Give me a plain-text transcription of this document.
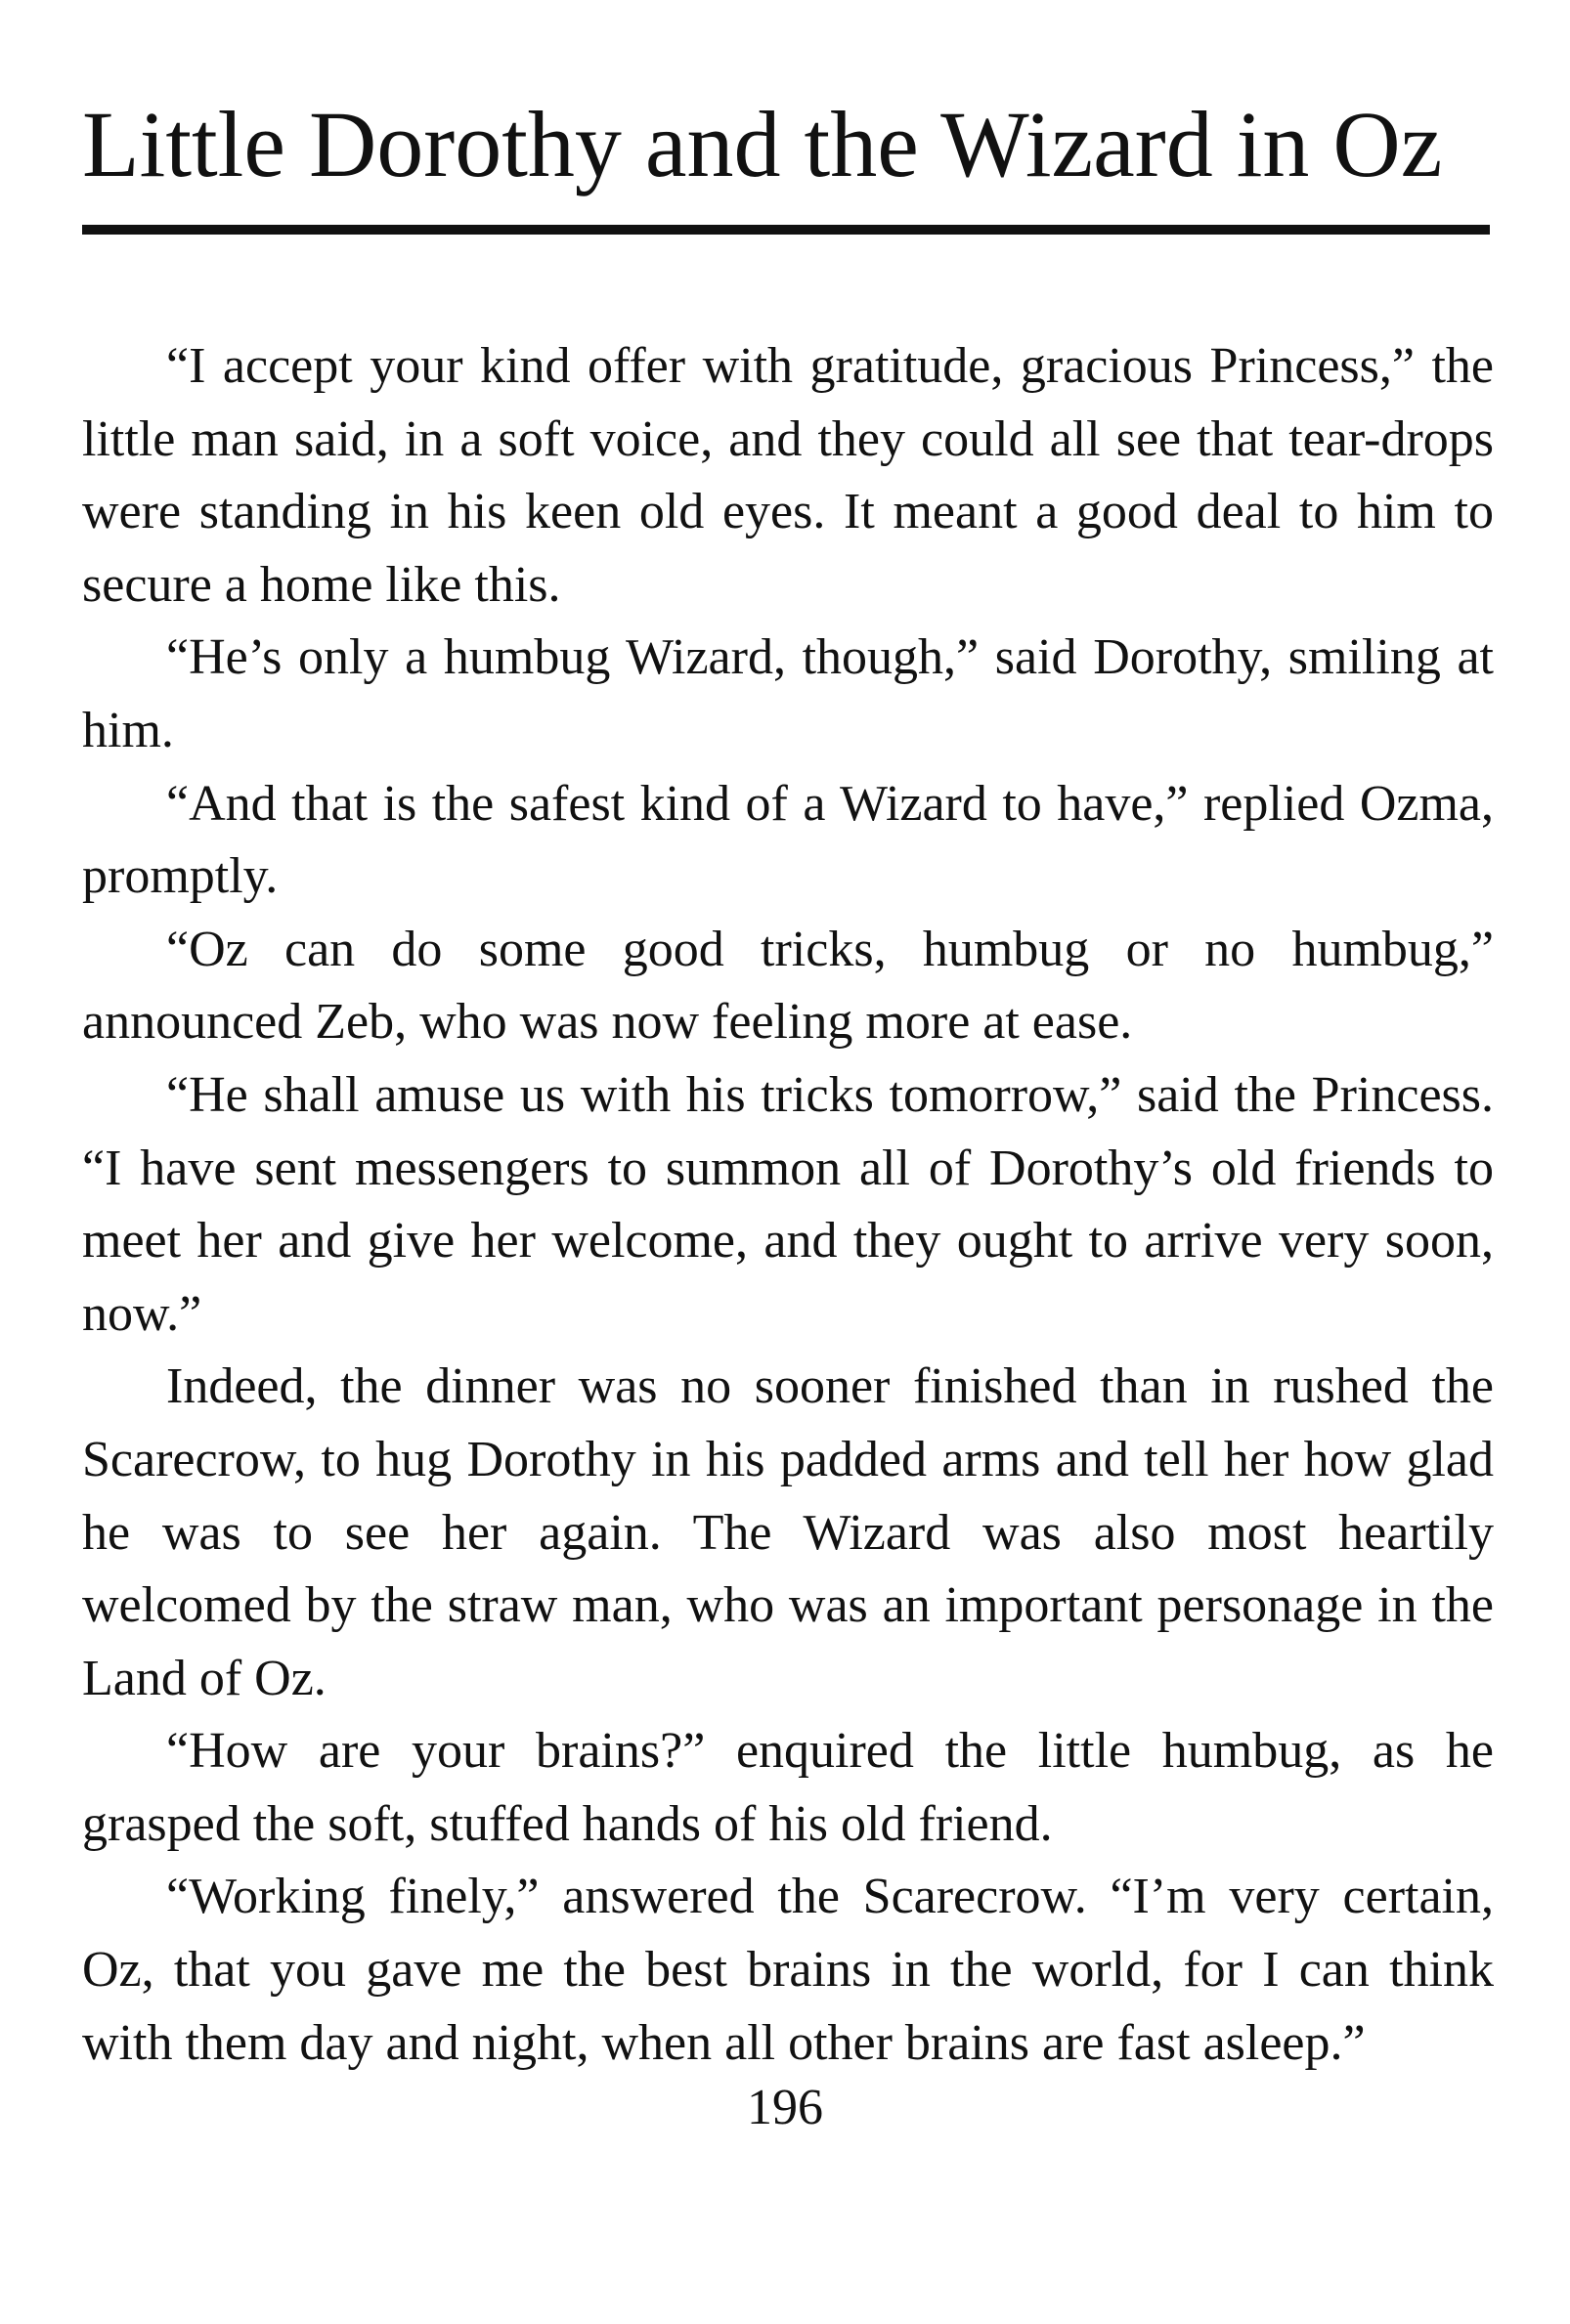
Little Dorothy and the Wizard in Oz

“I accept your kind offer with gratitude, gracious Princess,” the little man said, in a soft voice, and they could all see that tear-drops were standing in his keen old eyes. It meant a good deal to him to secure a home like this.

“He’s only a humbug Wizard, though,” said Dorothy, smiling at him.

“And that is the safest kind of a Wizard to have,” replied Ozma, promptly.

“Oz can do some good tricks, humbug or no humbug,” announced Zeb, who was now feeling more at ease.

“He shall amuse us with his tricks tomorrow,” said the Princess. “I have sent messengers to summon all of Dorothy’s old friends to meet her and give her welcome, and they ought to arrive very soon, now.”

Indeed, the dinner was no sooner finished than in rushed the Scarecrow, to hug Dorothy in his padded arms and tell her how glad he was to see her again. The Wizard was also most heartily welcomed by the straw man, who was an important personage in the Land of Oz.

“How are your brains?” enquired the little humbug, as he grasped the soft, stuffed hands of his old friend.

“Working finely,” answered the Scarecrow. “I’m very certain, Oz, that you gave me the best brains in the world, for I can think with them day and night, when all other brains are fast asleep.”

196
